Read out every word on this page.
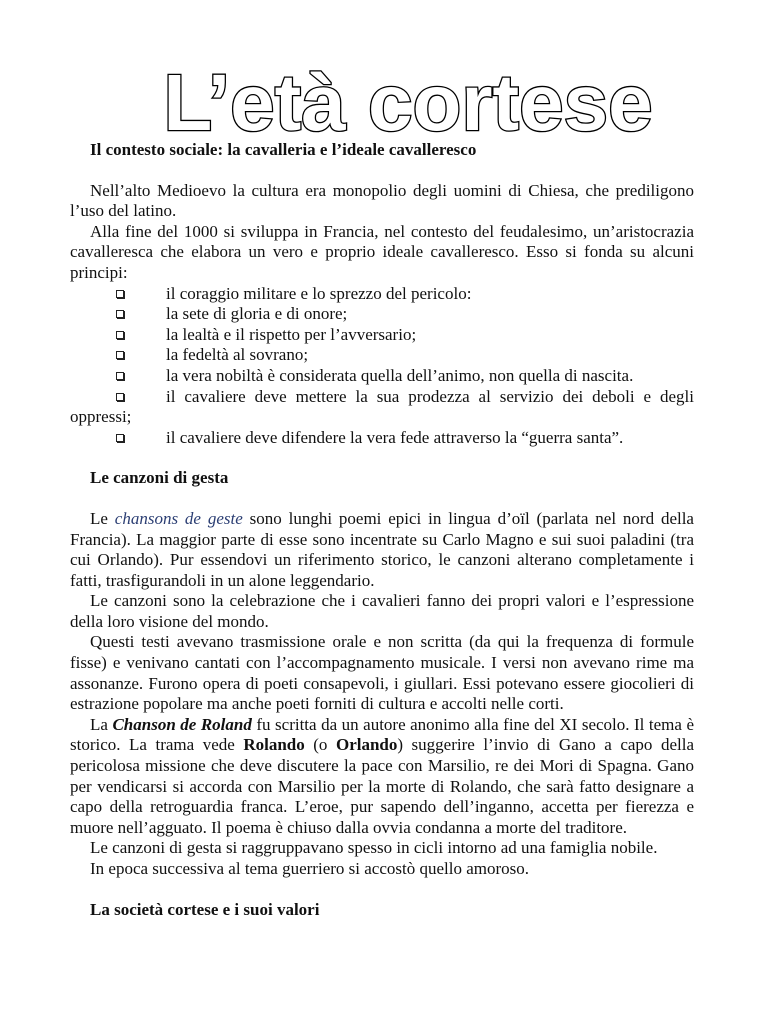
L’età cortese

Il contesto sociale: la cavalleria e l’ideale cavalleresco

Nell’alto Medioevo la cultura era monopolio degli uomini di Chiesa, che prediligono l’uso del latino.

Alla fine del 1000 si sviluppa in Francia, nel contesto del feudalesimo, un’aristocrazia cavalleresca che elabora un vero e proprio ideale cavalleresco. Esso si fonda su alcuni principi:

il coraggio militare e lo sprezzo del pericolo:
la sete di gloria e di onore;
la lealtà e il rispetto per l’avversario;
la fedeltà al sovrano;
la vera nobiltà è considerata quella dell’animo, non quella di nascita.
il cavaliere deve mettere la sua prodezza al servizio dei deboli e degli oppressi;
il cavaliere deve difendere la vera fede attraverso la “guerra santa”.

Le canzoni di gesta

Le chansons de geste sono lunghi poemi epici in lingua d’oïl (parlata nel nord della Francia). La maggior parte di esse sono incentrate su Carlo Magno e sui suoi paladini (tra cui Orlando). Pur essendovi un riferimento storico, le canzoni alterano completamente i fatti, trasfigurandoli in un alone leggendario.

Le canzoni sono la celebrazione che i cavalieri fanno dei propri valori e l’espressione della loro visione del mondo.

Questi testi avevano trasmissione orale e non scritta (da qui la frequenza di formule fisse) e venivano cantati con l’accompagnamento musicale. I versi non avevano rime ma assonanze. Furono opera di poeti consapevoli, i giullari. Essi potevano essere giocolieri di estrazione popolare ma anche poeti forniti di cultura e accolti nelle corti.

La Chanson de Roland fu scritta da un autore anonimo alla fine del XI secolo. Il tema è storico. La trama vede Rolando (o Orlando) suggerire l’invio di Gano a capo della pericolosa missione che deve discutere la pace con Marsilio, re dei Mori di Spagna. Gano per vendicarsi si accorda con Marsilio per la morte di Rolando, che sarà fatto designare a capo della retroguardia franca. L’eroe, pur sapendo dell’inganno, accetta per fierezza e muore nell’agguato. Il poema è chiuso dalla ovvia condanna a morte del traditore.

Le canzoni di gesta si raggruppavano spesso in cicli intorno ad una famiglia nobile.

In epoca successiva al tema guerriero si accostò quello amoroso.

La società cortese e i suoi valori
